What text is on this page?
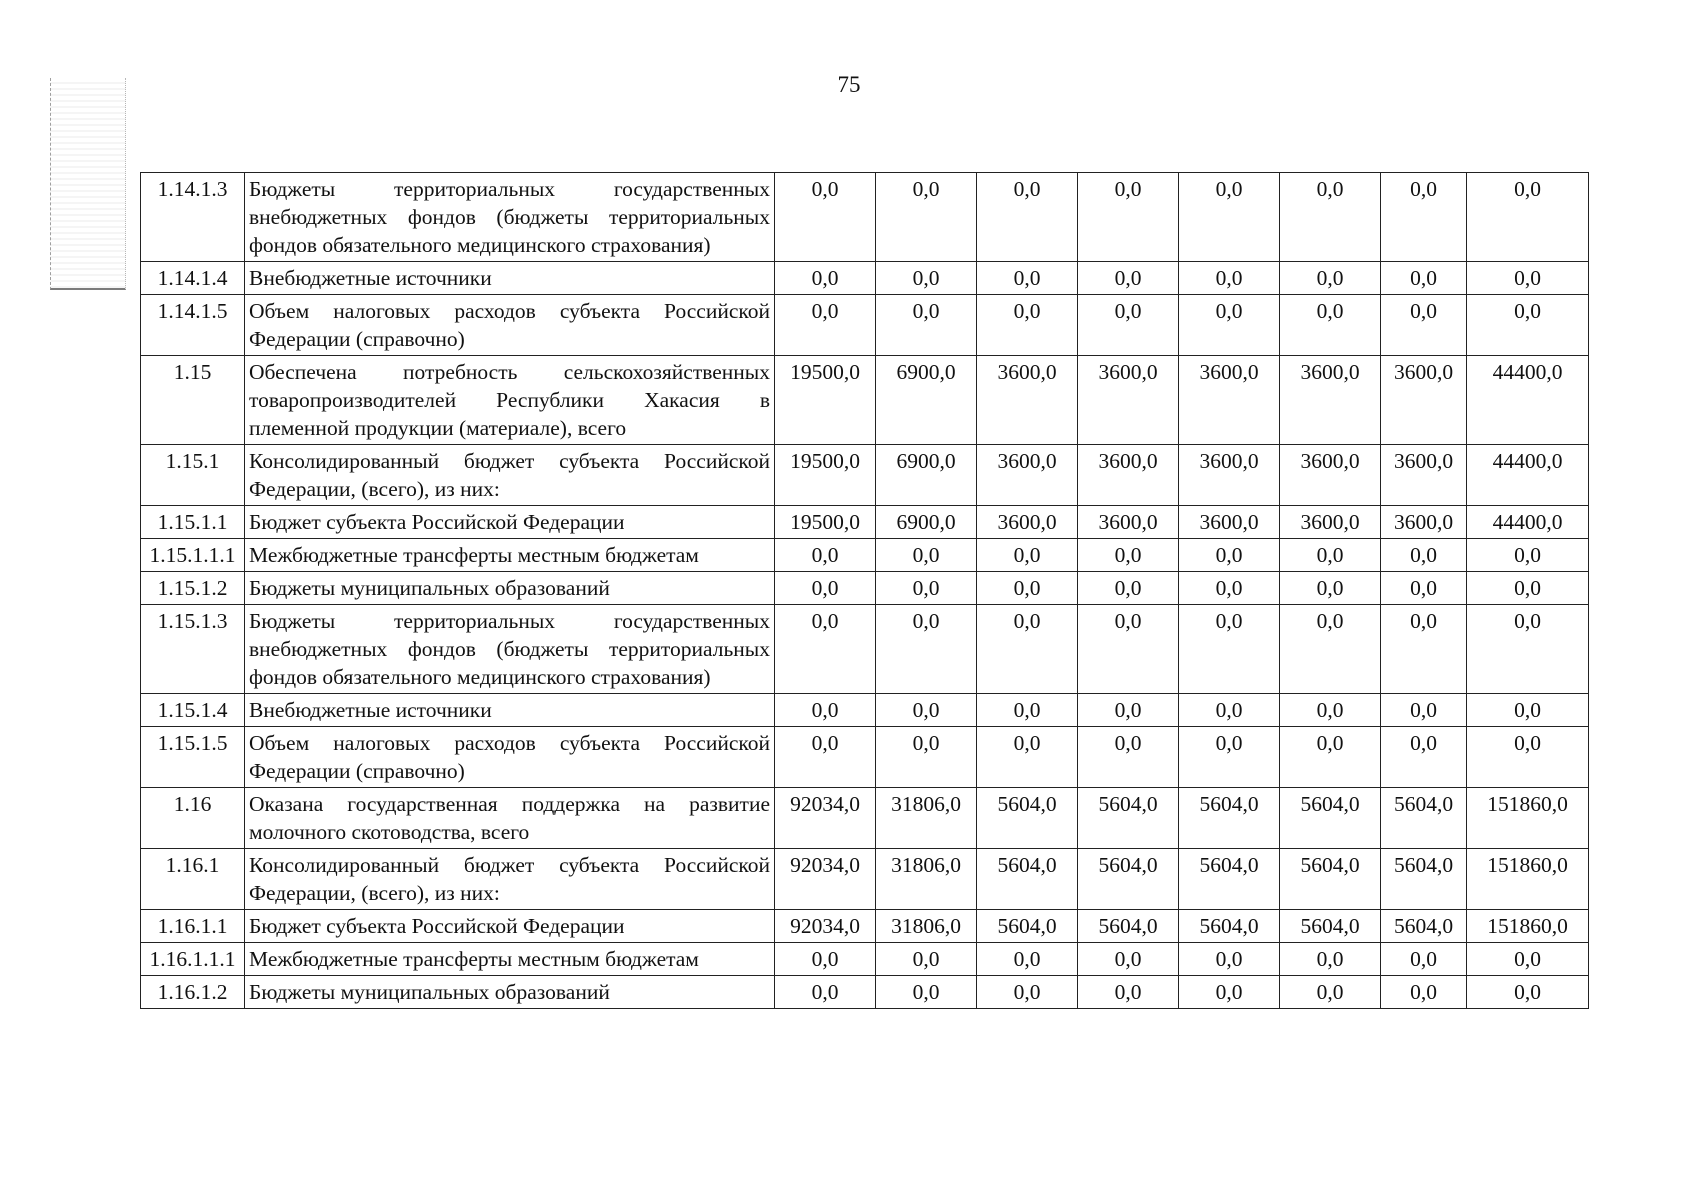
75
1.14.1.3	Бюджеты территориальных государственных внебюджетных фондов (бюджеты территориальных фондов обязательного медицинского страхования)	0,0	0,0	0,0	0,0	0,0	0,0	0,0	0,0
1.14.1.4	Внебюджетные источники	0,0	0,0	0,0	0,0	0,0	0,0	0,0	0,0
1.14.1.5	Объем налоговых расходов субъекта Российской Федерации (справочно)	0,0	0,0	0,0	0,0	0,0	0,0	0,0	0,0
1.15	Обеспечена потребность сельскохозяйственных товаропроизводителей Республики Хакасия в племенной продукции (материале), всего	19500,0	6900,0	3600,0	3600,0	3600,0	3600,0	3600,0	44400,0
1.15.1	Консолидированный бюджет субъекта Российской Федерации, (всего), из них:	19500,0	6900,0	3600,0	3600,0	3600,0	3600,0	3600,0	44400,0
1.15.1.1	Бюджет субъекта Российской Федерации	19500,0	6900,0	3600,0	3600,0	3600,0	3600,0	3600,0	44400,0
1.15.1.1.1	Межбюджетные трансферты местным бюджетам	0,0	0,0	0,0	0,0	0,0	0,0	0,0	0,0
1.15.1.2	Бюджеты муниципальных образований	0,0	0,0	0,0	0,0	0,0	0,0	0,0	0,0
1.15.1.3	Бюджеты территориальных государственных внебюджетных фондов (бюджеты территориальных фондов обязательного медицинского страхования)	0,0	0,0	0,0	0,0	0,0	0,0	0,0	0,0
1.15.1.4	Внебюджетные источники	0,0	0,0	0,0	0,0	0,0	0,0	0,0	0,0
1.15.1.5	Объем налоговых расходов субъекта Российской Федерации (справочно)	0,0	0,0	0,0	0,0	0,0	0,0	0,0	0,0
1.16	Оказана государственная поддержка на развитие молочного скотоводства, всего	92034,0	31806,0	5604,0	5604,0	5604,0	5604,0	5604,0	151860,0
1.16.1	Консолидированный бюджет субъекта Российской Федерации, (всего), из них:	92034,0	31806,0	5604,0	5604,0	5604,0	5604,0	5604,0	151860,0
1.16.1.1	Бюджет субъекта Российской Федерации	92034,0	31806,0	5604,0	5604,0	5604,0	5604,0	5604,0	151860,0
1.16.1.1.1	Межбюджетные трансферты местным бюджетам	0,0	0,0	0,0	0,0	0,0	0,0	0,0	0,0
1.16.1.2	Бюджеты муниципальных образований	0,0	0,0	0,0	0,0	0,0	0,0	0,0	0,0
